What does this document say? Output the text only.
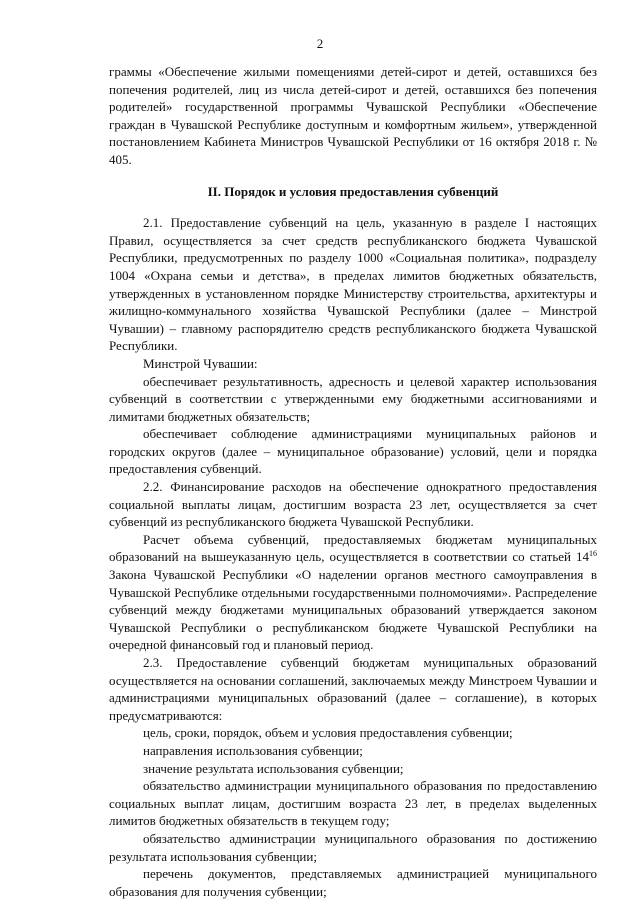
2

граммы «Обеспечение жилыми помещениями детей-сирот и детей, оставшихся без попечения родителей, лиц из числа детей-сирот и детей, оставшихся без попечения родителей» государственной программы Чувашской Республики «Обеспечение граждан в Чувашской Республике доступным и комфортным жильем», утвержденной постановлением Кабинета Министров Чувашской Республики от 16 октября 2018 г. № 405.

II. Порядок и условия предоставления субвенций

2.1. Предоставление субвенций на цель, указанную в разделе I настоящих Правил, осуществляется за счет средств республиканского бюджета Чувашской Республики, предусмотренных по разделу 1000 «Социальная политика», подразделу 1004 «Охрана семьи и детства», в пределах лимитов бюджетных обязательств, утвержденных в установленном порядке Министерству строительства, архитектуры и жилищно-коммунального хозяйства Чувашской Республики (далее – Минстрой Чувашии) – главному распорядителю средств республиканского бюджета Чувашской Республики.

Минстрой Чувашии:

обеспечивает результативность, адресность и целевой характер использования субвенций в соответствии с утвержденными ему бюджетными ассигнованиями и лимитами бюджетных обязательств;

обеспечивает соблюдение администрациями муниципальных районов и городских округов (далее – муниципальное образование) условий, цели и порядка предоставления субвенций.

2.2. Финансирование расходов на обеспечение однократного предоставления социальной выплаты лицам, достигшим возраста 23 лет, осуществляется за счет субвенций из республиканского бюджета Чувашской Республики.

Расчет объема субвенций, предоставляемых бюджетам муниципальных образований на вышеуказанную цель, осуществляется в соответствии со статьей $14^{16}$ Закона Чувашской Республики «О наделении органов местного самоуправления в Чувашской Республике отдельными государственными полномочиями». Распределение субвенций между бюджетами муниципальных образований утверждается законом Чувашской Республики о республиканском бюджете Чувашской Республики на очередной финансовый год и плановый период.

2.3. Предоставление субвенций бюджетам муниципальных образований осуществляется на основании соглашений, заключаемых между Минстроем Чувашии и администрациями муниципальных образований (далее – соглашение), в которых предусматриваются:

цель, сроки, порядок, объем и условия предоставления субвенции;

направления использования субвенции;

значение результата использования субвенции;

обязательство администрации муниципального образования по предоставлению социальных выплат лицам, достигшим возраста 23 лет, в пределах выделенных лимитов бюджетных обязательств в текущем году;

обязательство администрации муниципального образования по достижению результата использования субвенции;

перечень документов, представляемых администрацией муниципального образования для получения субвенции;
